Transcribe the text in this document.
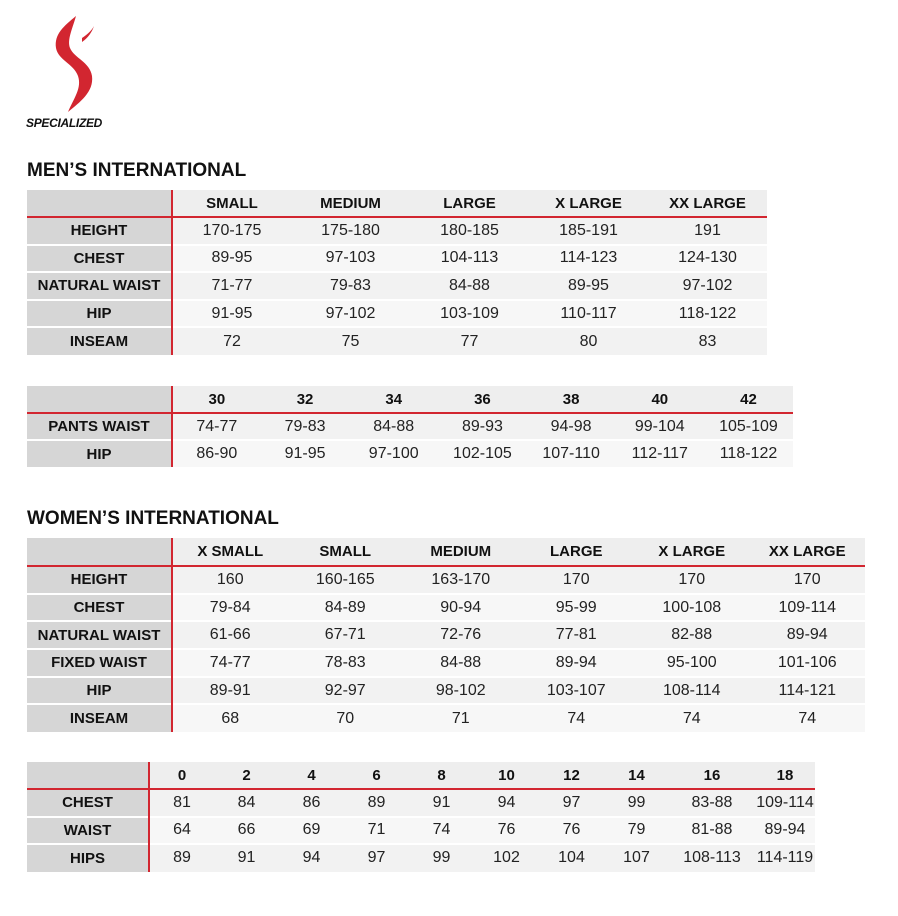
SPECIALIZED
MEN’S INTERNATIONAL
	SMALL	MEDIUM	LARGE	X LARGE	XX LARGE
HEIGHT	170-175	175-180	180-185	185-191	191
CHEST	89-95	97-103	104-113	114-123	124-130
NATURAL WAIST	71-77	79-83	84-88	89-95	97-102
HIP	91-95	97-102	103-109	110-117	118-122
INSEAM	72	75	77	80	83
	30	32	34	36	38	40	42
PANTS WAIST	74-77	79-83	84-88	89-93	94-98	99-104	105-109
HIP	86-90	91-95	97-100	102-105	107-110	112-117	118-122
WOMEN’S INTERNATIONAL
	X SMALL	SMALL	MEDIUM	LARGE	X LARGE	XX LARGE
HEIGHT	160	160-165	163-170	170	170	170
CHEST	79-84	84-89	90-94	95-99	100-108	109-114
NATURAL WAIST	61-66	67-71	72-76	77-81	82-88	89-94
FIXED WAIST	74-77	78-83	84-88	89-94	95-100	101-106
HIP	89-91	92-97	98-102	103-107	108-114	114-121
INSEAM	68	70	71	74	74	74
	0	2	4	6	8	10	12	14	16	18
CHEST	81	84	86	89	91	94	97	99	83-88	109-114
WAIST	64	66	69	71	74	76	76	79	81-88	89-94
HIPS	89	91	94	97	99	102	104	107	108-113	114-119
